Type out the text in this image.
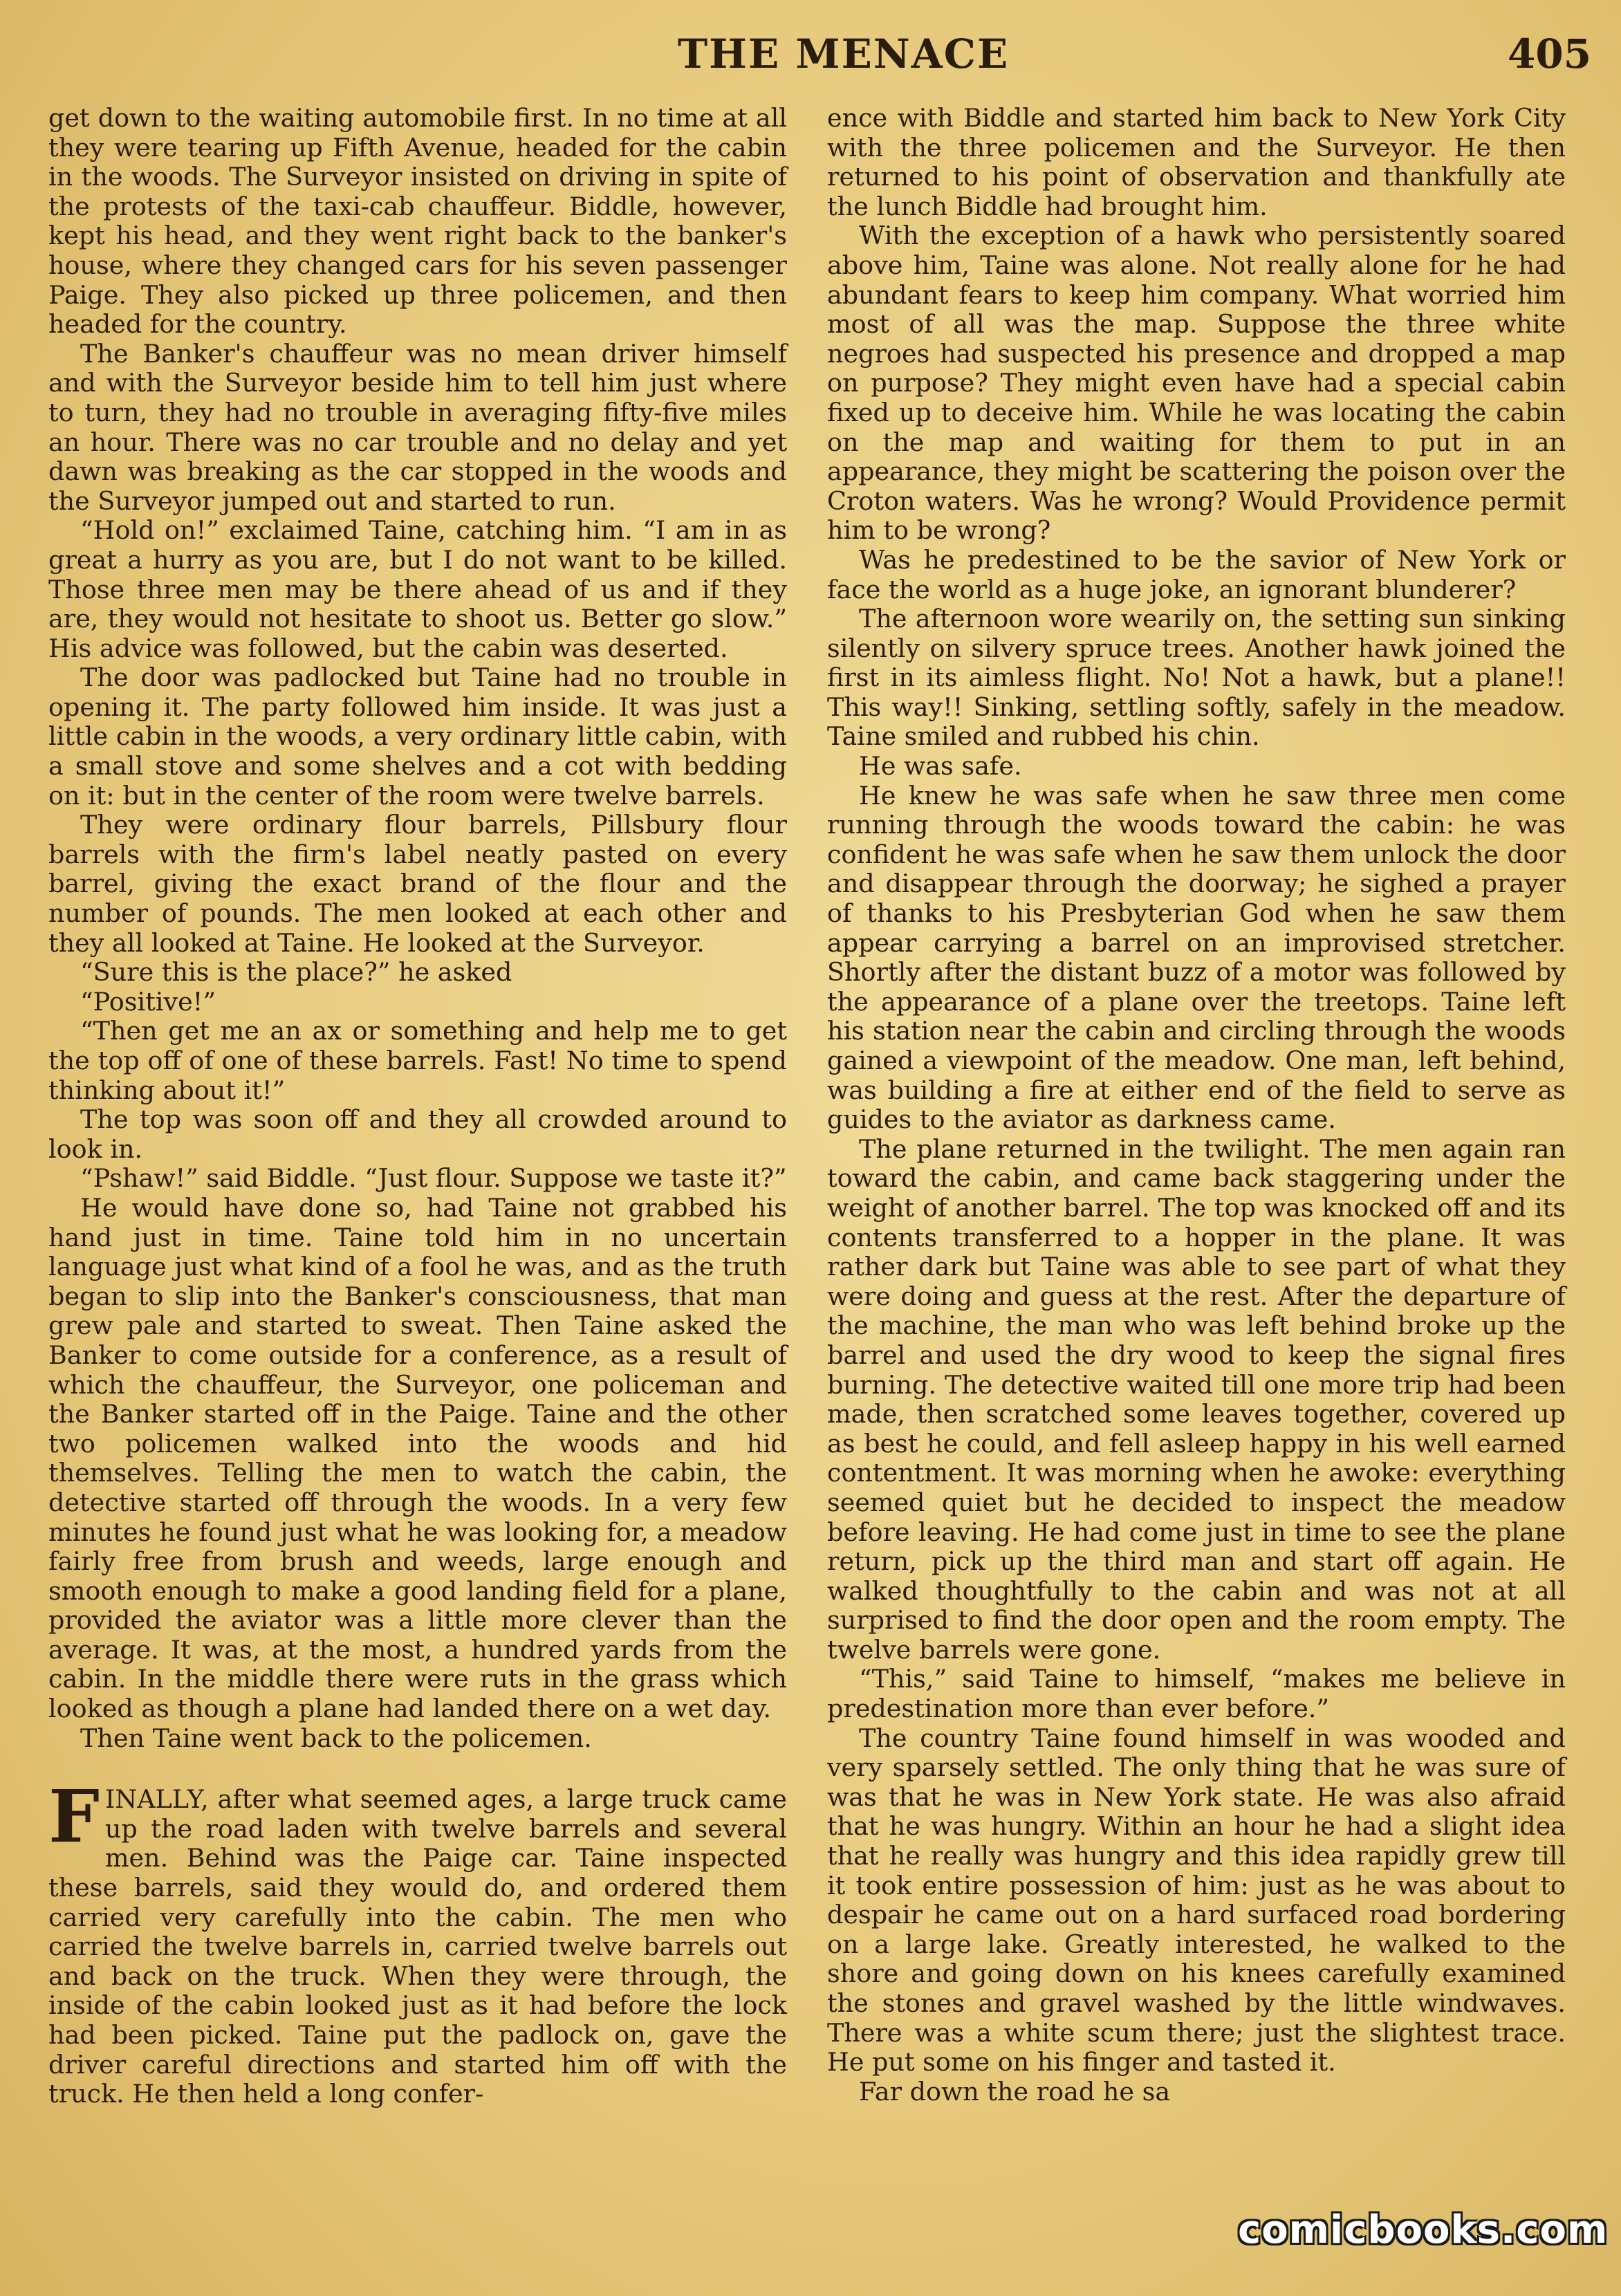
THE MENACE	405

get down to the waiting automobile first. In no time at all they were tearing up Fifth Avenue, headed for the cabin in the woods. The Surveyor insisted on driving in spite of the protests of the taxi-cab chauffeur. Biddle, however, kept his head, and they went right back to the banker's house, where they changed cars for his seven passenger Paige. They also picked up three policemen, and then headed for the country.

The Banker's chauffeur was no mean driver himself and with the Surveyor beside him to tell him just where to turn, they had no trouble in averaging fifty-five miles an hour. There was no car trouble and no delay and yet dawn was breaking as the car stopped in the woods and the Surveyor jumped out and started to run.

“Hold on!” exclaimed Taine, catching him. “I am in as great a hurry as you are, but I do not want to be killed. Those three men may be there ahead of us and if they are, they would not hesitate to shoot us. Better go slow.” His advice was followed, but the cabin was deserted.

The door was padlocked but Taine had no trouble in opening it. The party followed him inside. It was just a little cabin in the woods, a very ordinary little cabin, with a small stove and some shelves and a cot with bedding on it: but in the center of the room were twelve barrels.

They were ordinary flour barrels, Pillsbury flour barrels with the firm's label neatly pasted on every barrel, giving the exact brand of the flour and the number of pounds. The men looked at each other and they all looked at Taine. He looked at the Surveyor.

“Sure this is the place?” he asked

“Positive!”

“Then get me an ax or something and help me to get the top off of one of these barrels. Fast! No time to spend thinking about it!”

The top was soon off and they all crowded around to look in.

“Pshaw!” said Biddle. “Just flour. Suppose we taste it?”

He would have done so, had Taine not grabbed his hand just in time. Taine told him in no uncertain language just what kind of a fool he was, and as the truth began to slip into the Banker's consciousness, that man grew pale and started to sweat. Then Taine asked the Banker to come outside for a conference, as a result of which the chauffeur, the Surveyor, one policeman and the Banker started off in the Paige. Taine and the other two policemen walked into the woods and hid themselves. Telling the men to watch the cabin, the detective started off through the woods. In a very few minutes he found just what he was looking for, a meadow fairly free from brush and weeds, large enough and smooth enough to make a good landing field for a plane, provided the aviator was a little more clever than the average. It was, at the most, a hundred yards from the cabin. In the middle there were ruts in the grass which looked as though a plane had landed there on a wet day.

Then Taine went back to the policemen.

FINALLY, after what seemed ages, a large truck came up the road laden with twelve barrels and several men. Behind was the Paige car. Taine inspected these barrels, said they would do, and ordered them carried very carefully into the cabin. The men who carried the twelve barrels in, carried twelve barrels out and back on the truck. When they were through, the inside of the cabin looked just as it had before the lock had been picked. Taine put the padlock on, gave the driver careful directions and started him off with the truck. He then held a long confer-

ence with Biddle and started him back to New York City with the three policemen and the Surveyor. He then returned to his point of observation and thankfully ate the lunch Biddle had brought him.

With the exception of a hawk who persistently soared above him, Taine was alone. Not really alone for he had abundant fears to keep him company. What worried him most of all was the map. Suppose the three white negroes had suspected his presence and dropped a map on purpose? They might even have had a special cabin fixed up to deceive him. While he was locating the cabin on the map and waiting for them to put in an appearance, they might be scattering the poison over the Croton waters. Was he wrong? Would Providence permit him to be wrong?

Was he predestined to be the savior of New York or face the world as a huge joke, an ignorant blunderer?

The afternoon wore wearily on, the setting sun sinking silently on silvery spruce trees. Another hawk joined the first in its aimless flight. No! Not a hawk, but a plane!! This way!! Sinking, settling softly, safely in the meadow. Taine smiled and rubbed his chin.

He was safe.

He knew he was safe when he saw three men come running through the woods toward the cabin: he was confident he was safe when he saw them unlock the door and disappear through the doorway; he sighed a prayer of thanks to his Presbyterian God when he saw them appear carrying a barrel on an improvised stretcher. Shortly after the distant buzz of a motor was followed by the appearance of a plane over the treetops. Taine left his station near the cabin and circling through the woods gained a viewpoint of the meadow. One man, left behind, was building a fire at either end of the field to serve as guides to the aviator as darkness came.

The plane returned in the twilight. The men again ran toward the cabin, and came back staggering under the weight of another barrel. The top was knocked off and its contents transferred to a hopper in the plane. It was rather dark but Taine was able to see part of what they were doing and guess at the rest. After the departure of the machine, the man who was left behind broke up the barrel and used the dry wood to keep the signal fires burning. The detective waited till one more trip had been made, then scratched some leaves together, covered up as best he could, and fell asleep happy in his well earned contentment. It was morning when he awoke: everything seemed quiet but he decided to inspect the meadow before leaving. He had come just in time to see the plane return, pick up the third man and start off again. He walked thoughtfully to the cabin and was not at all surprised to find the door open and the room empty. The twelve barrels were gone.

“This,” said Taine to himself, “makes me believe in predestination more than ever before.”

The country Taine found himself in was wooded and very sparsely settled. The only thing that he was sure of was that he was in New York state. He was also afraid that he was hungry. Within an hour he had a slight idea that he really was hungry and this idea rapidly grew till it took entire possession of him: just as he was about to despair he came out on a hard surfaced road bordering on a large lake. Greatly interested, he walked to the shore and going down on his knees carefully examined the stones and gravel washed by the little windwaves. There was a white scum there; just the slightest trace. He put some on his finger and tasted it.

Far down the road he sa

comicbooks.com
